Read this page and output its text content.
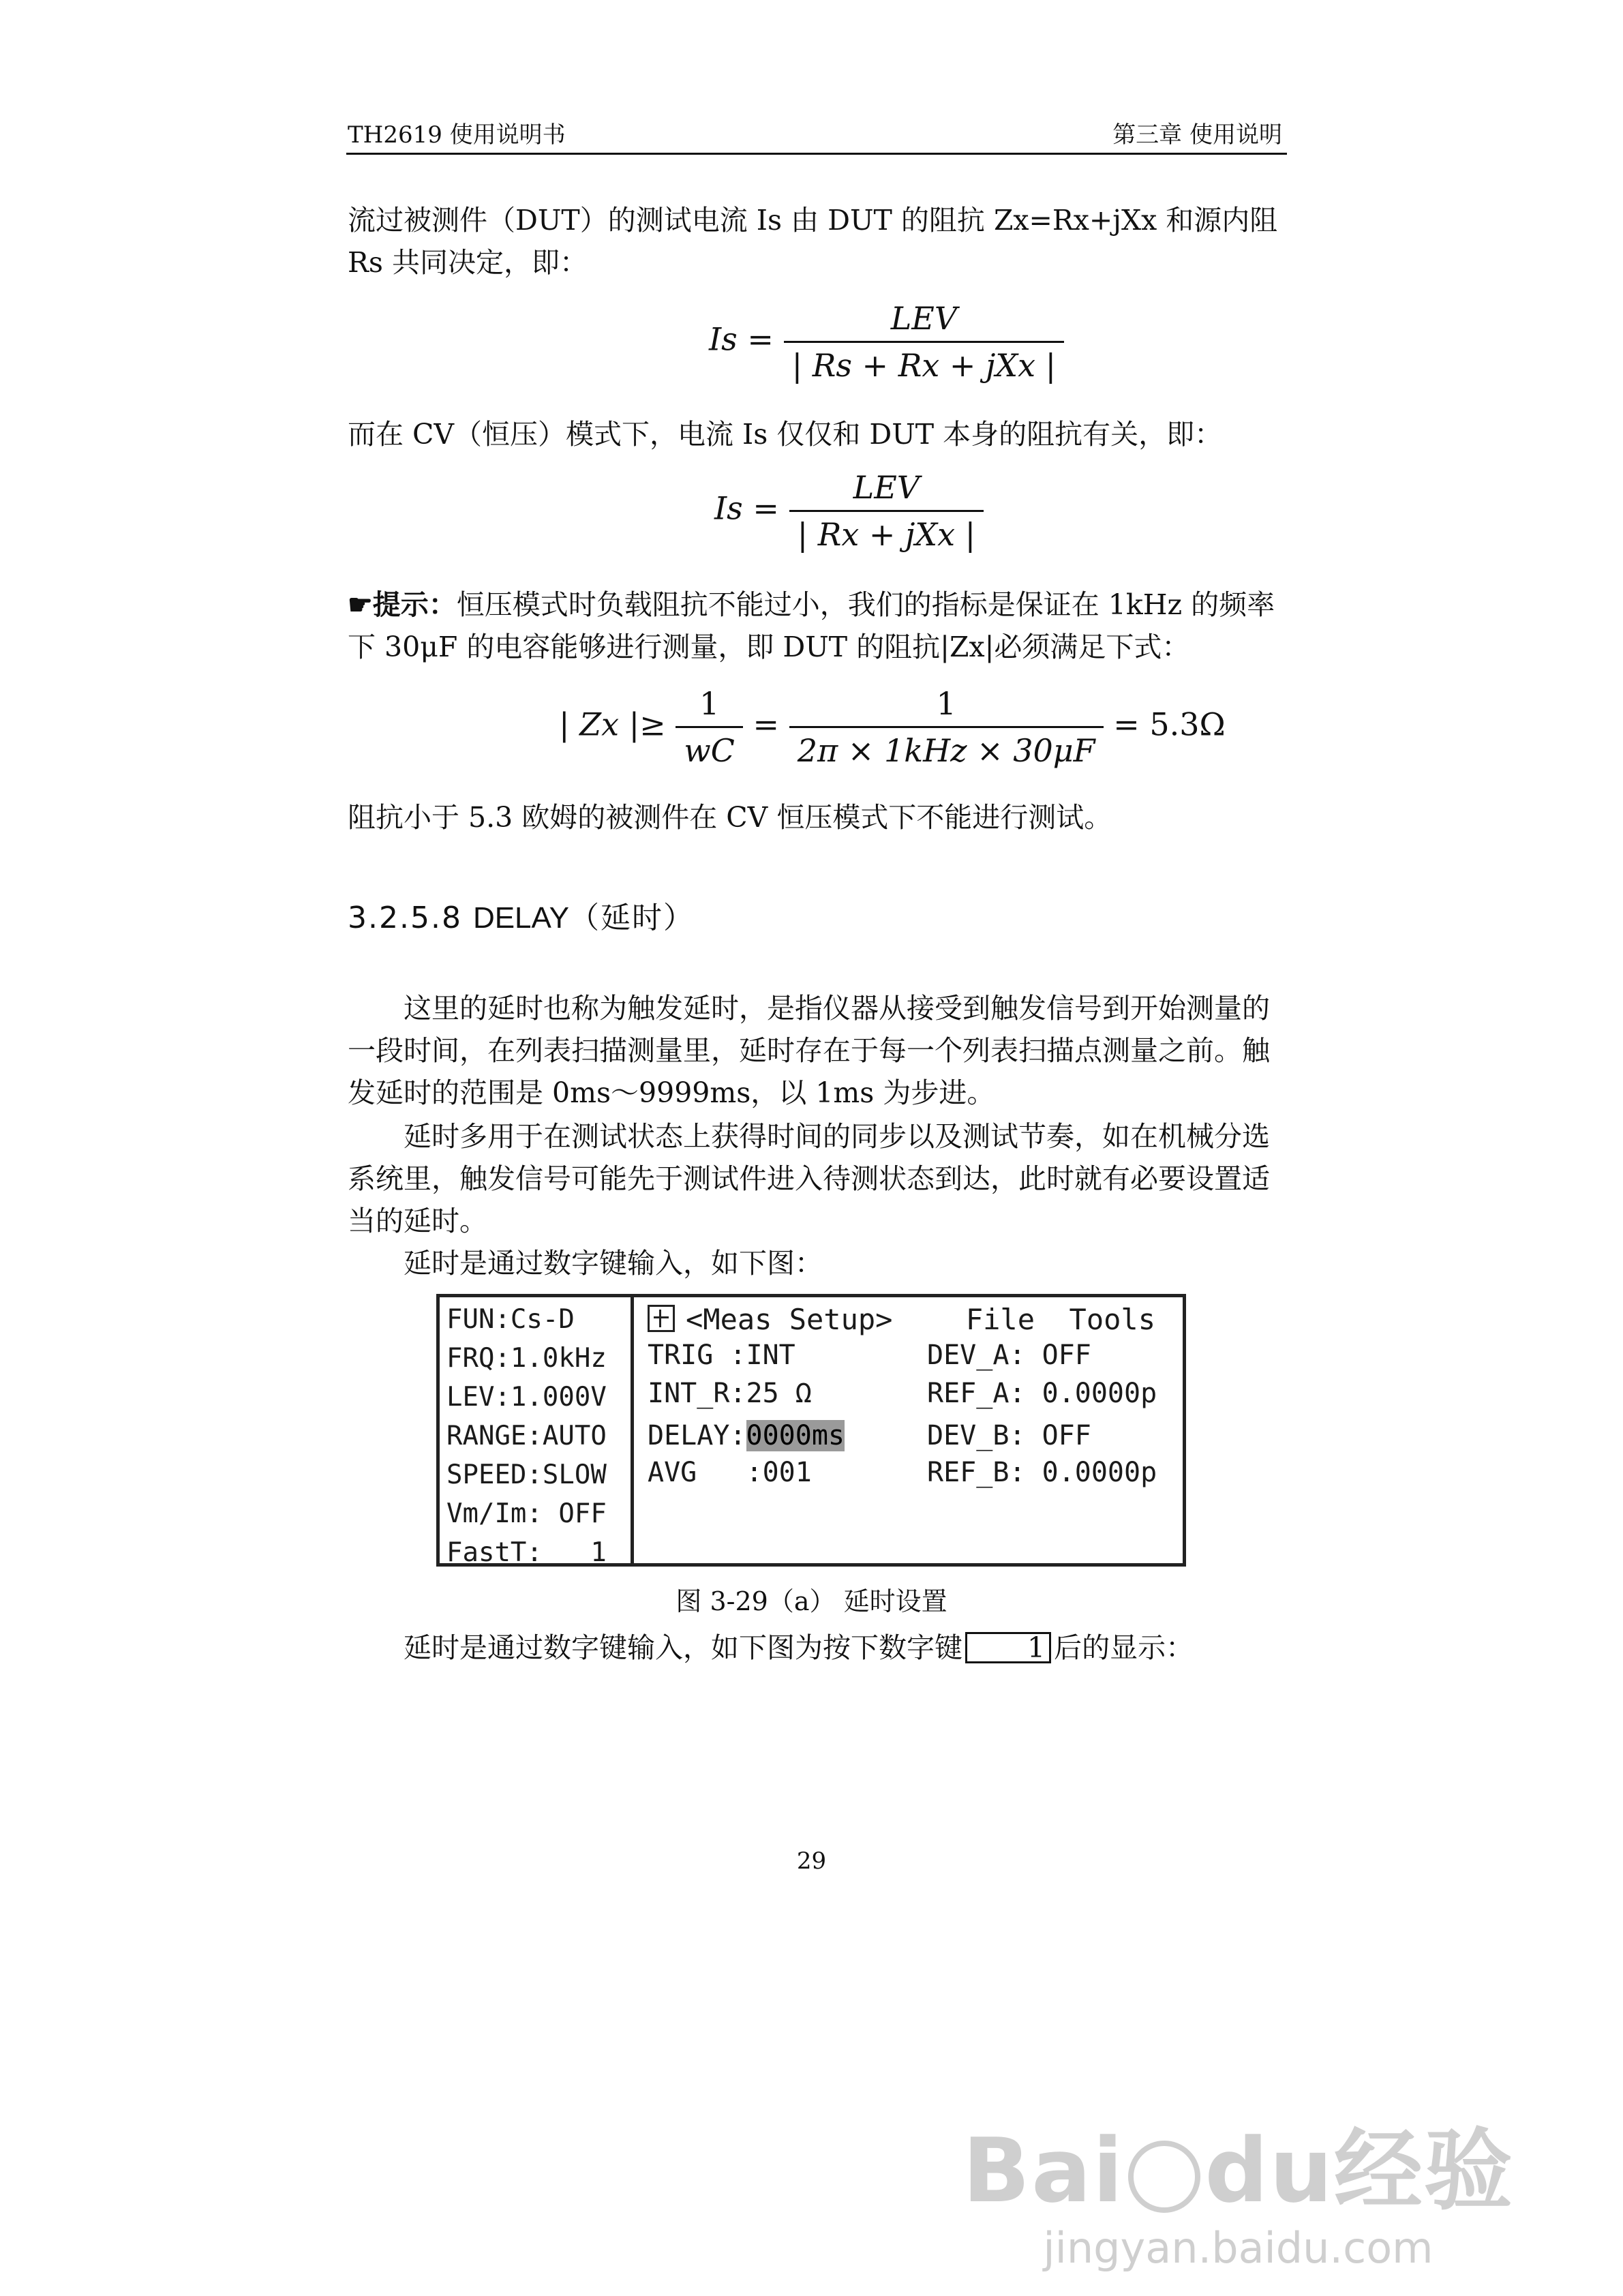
TH2619 使用说明书	第三章 使用说明
流过被测件（DUT）的测试电流 Is 由 DUT 的阻抗 Zx=Rx+jXx 和源内阻 Rs 共同决定，即：
$Is = \frac{\text{LEV}}{\text{| Rs + Rx + jXx |}}$
而在 CV（恒压）模式下，电流 Is 仅仅和 DUT 本身的阻抗有关，即：
$Is = \frac{\text{LEV}}{\text{| Rx + jXx |}}$
☛提示：恒压模式时负载阻抗不能过小，我们的指标是保证在 1kHz 的频率下 30μF 的电容能够进行测量，即 DUT 的阻抗|Zx|必须满足下式：
| Zx |≥ $\frac{1}{wC} = \frac{1}{\text{2π × 1kHz × 30μF}} = 5.3\Omega$
阻抗小于 5.3 欧姆的被测件在 CV 恒压模式下不能进行测试。
3.2.5.8 DELAY（延时）
这里的延时也称为触发延时，是指仪器从接受到触发信号到开始测量的一段时间，在列表扫描测量里，延时存在于每一个列表扫描点测量之前。触发延时的范围是 0ms～9999ms，以 1ms 为步进。
延时多用于在测试状态上获得时间的同步以及测试节奏，如在机械分选系统里，触发信号可能先于测试件进入待测状态到达，此时就有必要设置适当的延时。
延时是通过数字键输入，如下图：
FUN:Cs-D
FRQ:1.0kHz
LEV:1.000V
RANGE:AUTO
SPEED:SLOW
Vm/Im: OFF
FastT:   1
<Meas Setup>	File  Tools
TRIG :INT
INT_R:25 Ω
DELAY:0000ms
AVG   :001
DEV_A: OFF
REF_A: 0.0000p
DEV_B: OFF
REF_B: 0.0000p
图 3-29（a） 延时设置
延时是通过数字键输入，如下图为按下数字键 1 后的显示：
29
Bai du经验
jingyan.baidu.com
